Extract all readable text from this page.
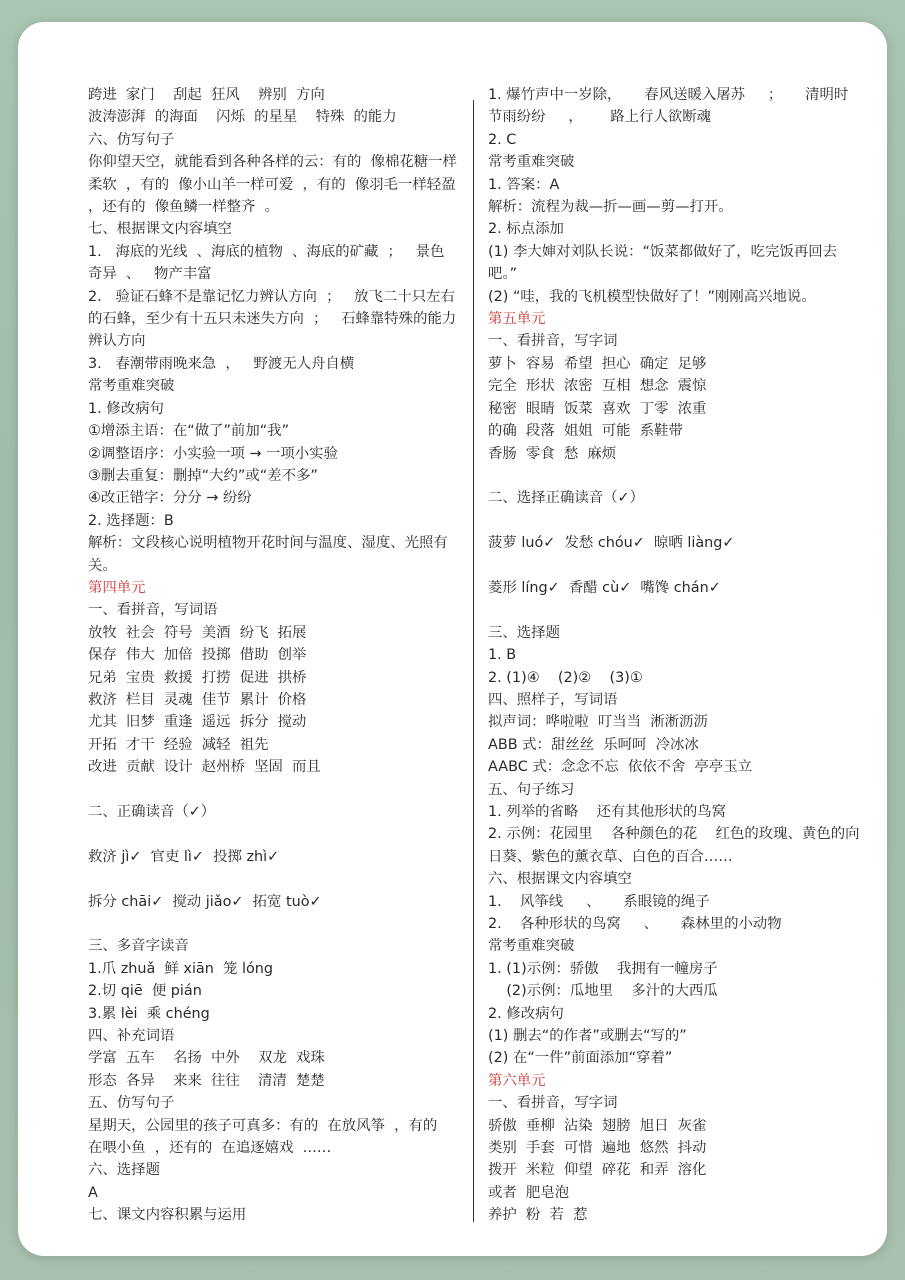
跨进  家门    刮起  狂风    辨别  方向
波涛澎湃  的海面    闪烁  的星星    特殊  的能力
六、仿写句子
你仰望天空，就能看到各种各样的云：有的  像棉花糖一样柔软  ，有的  像小山羊一样可爱  ，有的  像羽毛一样轻盈  ，还有的  像鱼鳞一样整齐  。
七、根据课文内容填空
1.   海底的光线  、海底的植物  、海底的矿藏  ；   景色奇异  、   物产丰富
2.   验证石蜂不是靠记忆力辨认方向  ；   放飞二十只左右的石蜂，至少有十五只未迷失方向  ；   石蜂靠特殊的能力辨认方向
3.   春潮带雨晚来急  ，   野渡无人舟自横
常考重难突破
1. 修改病句
①增添主语：在“做了”前加“我”
②调整语序：小实验一项 → 一项小实验
③删去重复：删掉“大约”或“差不多”
④改正错字：分分 → 纷纷
2. 选择题：B
解析：文段核心说明植物开花时间与温度、湿度、光照有关。
第四单元
一、看拼音，写词语
放牧  社会  符号  美酒  纷飞  拓展
保存  伟大  加倍  投掷  借助  创举
兄弟  宝贵  救援  打捞  促进  拱桥
救济  栏目  灵魂  佳节  累计  价格
尤其  旧梦  重逢  遥远  拆分  搅动
开拓  才干  经验  减轻  祖先
改进  贡献  设计  赵州桥  坚固  而且
二、正确读音（✓）
救济 jì✓  官吏 lì✓  投掷 zhì✓
拆分 chāi✓  搅动 jiǎo✓  拓宽 tuò✓
三、多音字读音
1.爪 zhuǎ  鲜 xiān  笼 lóng
2.切 qiē  便 pián
3.累 lèi  乘 chéng
四、补充词语
学富  五车    名扬  中外    双龙  戏珠
形态  各异    来来  往往    清清  楚楚
五、仿写句子
星期天，公园里的孩子可真多：有的  在放风筝  ，有的  在喂小鱼  ，还有的  在追逐嬉戏  ……
六、选择题
A
七、课文内容积累与运用
1. 爆竹声中一岁除，     春风送暖入屠苏     ；     清明时节雨纷纷     ，      路上行人欲断魂
2. C
常考重难突破
1. 答案：A
解析：流程为裁—折—画—剪—打开。
2. 标点添加
(1) 李大婶对刘队长说：“饭菜都做好了，吃完饭再回去吧。”
(2) “哇，我的飞机模型快做好了！”刚刚高兴地说。
第五单元
一、看拼音，写字词
萝卜  容易  希望  担心  确定  足够
完全  形状  浓密  互相  想念  震惊
秘密  眼睛  饭菜  喜欢  丁零  浓重
的确  段落  姐姐  可能  系鞋带
香肠  零食  愁  麻烦
二、选择正确读音（✓）
菠萝 luó✓  发愁 chóu✓  晾晒 liàng✓
菱形 líng✓  香醋 cù✓  嘴馋 chán✓
三、选择题
1. B
2. (1)④    (2)②    (3)①
四、照样子，写词语
拟声词：哗啦啦  叮当当  淅淅沥沥
ABB 式：甜丝丝  乐呵呵  冷冰冰
AABC 式：念念不忘  依依不舍  亭亭玉立
五、句子练习
1. 列举的省略    还有其他形状的鸟窝
2. 示例：花园里    各种颜色的花    红色的玫瑰、黄色的向日葵、紫色的薰衣草、白色的百合……
六、根据课文内容填空
1.    风筝线     、     系眼镜的绳子
2.    各种形状的鸟窝     、     森林里的小动物
常考重难突破
1. (1)示例：骄傲    我拥有一幢房子
(2)示例：瓜地里    多汁的大西瓜
2. 修改病句
(1) 删去“的作者”或删去“写的”
(2) 在“一件”前面添加“穿着”
第六单元
一、看拼音，写字词
骄傲  垂柳  沾染  翅膀  旭日  灰雀
类别  手套  可惜  遍地  悠然  抖动
拨开  米粒  仰望  碎花  和弄  溶化
或者  肥皂泡
养护  粉  若  惹
